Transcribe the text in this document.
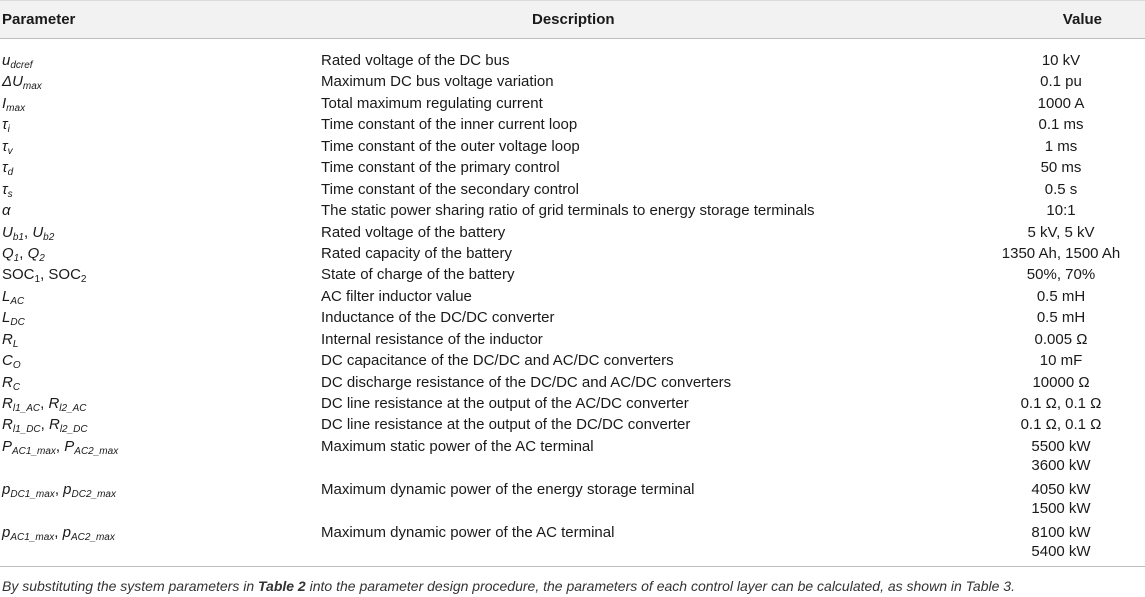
Parameter	Description	Value
$u_{dcref}$	Rated voltage of the DC bus	10 kV
$\Delta U_{max}$	Maximum DC bus voltage variation	0.1 pu
$I_{max}$	Total maximum regulating current	1000 A
$\tau_i$	Time constant of the inner current loop	0.1 ms
$\tau_v$	Time constant of the outer voltage loop	1 ms
$\tau_d$	Time constant of the primary control	50 ms
$\tau_s$	Time constant of the secondary control	0.5 s
α	The static power sharing ratio of grid terminals to energy storage terminals	10:1
$U_{b1}$, $U_{b2}$	Rated voltage of the battery	5 kV, 5 kV
$Q_1$, $Q_2$	Rated capacity of the battery	1350 Ah, 1500 Ah
$SOC_1$, $SOC_2$	State of charge of the battery	50%, 70%
$L_{AC}$	AC filter inductor value	0.5 mH
$L_{DC}$	Inductance of the DC/DC converter	0.5 mH
$R_L$	Internal resistance of the inductor	0.005 Ω
$C_O$	DC capacitance of the DC/DC and AC/DC converters	10 mF
$R_C$	DC discharge resistance of the DC/DC and AC/DC converters	10000 Ω
$R_{l1\_AC}$, $R_{l2\_AC}$	DC line resistance at the output of the AC/DC converter	0.1 Ω, 0.1 Ω
$R_{l1\_DC}$, $R_{l2\_DC}$	DC line resistance at the output of the DC/DC converter	0.1 Ω, 0.1 Ω
$P_{AC1\_max}$, $P_{AC2\_max}$	Maximum static power of the AC terminal	5500 kW
3600 kW
$p_{DC1\_max}$, $p_{DC2\_max}$	Maximum dynamic power of the energy storage terminal	4050 kW
1500 kW
$p_{AC1\_max}$, $p_{AC2\_max}$	Maximum dynamic power of the AC terminal	8100 kW
5400 kW
By substituting the system parameters in Table 2 into the parameter design procedure, the parameters of each control layer can be calculated, as shown in Table 3.
